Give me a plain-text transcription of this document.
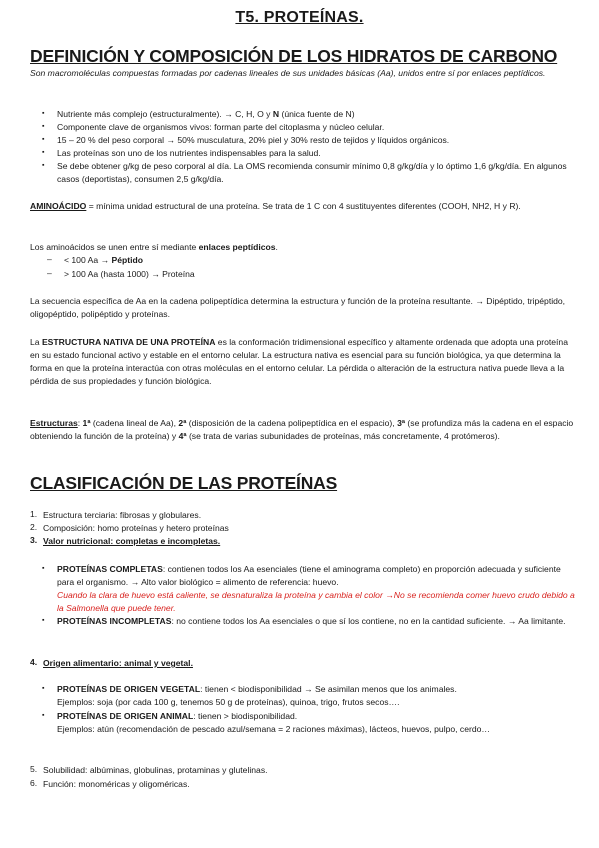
T5. PROTEÍNAS.
DEFINICIÓN Y COMPOSICIÓN DE LOS HIDRATOS DE CARBONO
Son macromoléculas compuestas formadas por cadenas lineales de sus unidades básicas (Aa), unidos entre sí por enlaces peptídicos.
▪ Nutriente más complejo (estructuralmente). → C, H, O y N (única fuente de N)
▪ Componente clave de organismos vivos: forman parte del citoplasma y núcleo celular.
▪ 15 – 20 % del peso corporal → 50% musculatura, 20% piel y 30% resto de tejidos y líquidos orgánicos.
▪ Las proteínas son uno de los nutrientes indispensables para la salud.
▪ Se debe obtener g/kg de peso corporal al día. La OMS recomienda consumir mínimo 0,8 g/kg/día y lo óptimo 1,6 g/kg/día. En algunos casos (deportistas), consumen 2,5 g/kg/día.
AMINOÁCIDO = mínima unidad estructural de una proteína. Se trata de 1 C con 4 sustituyentes diferentes (COOH, NH2, H y R).
Los aminoácidos se unen entre sí mediante enlaces peptídicos.
– < 100 Aa → Péptido
– > 100 Aa (hasta 1000) → Proteína
La secuencia específica de Aa en la cadena polipeptídica determina la estructura y función de la proteína resultante. → Dipéptido, tripéptido, oligopéptido, polipéptido y proteínas.
La ESTRUCTURA NATIVA DE UNA PROTEÍNA es la conformación tridimensional específico y altamente ordenada que adopta una proteína en su estado funcional activo y estable en el entorno celular. La estructura nativa es esencial para su función biológica, ya que determina la forma en que la proteína interactúa con otras moléculas en el entorno celular. La pérdida o alteración de la estructura nativa puede lleva a la pérdida de sus propiedades y función biológica.
Estructuras: 1ª (cadena lineal de Aa), 2ª (disposición de la cadena polipeptídica en el espacio), 3ª (se profundiza más la cadena en el espacio obteniendo la función de la proteína) y 4ª (se trata de varias subunidades de proteínas, más concretamente, 4 protómeros).
CLASIFICACIÓN DE LAS PROTEÍNAS
1. Estructura terciaria: fibrosas y globulares.
2. Composición: homo proteínas y hetero proteínas
3. Valor nutricional: completas e incompletas.
▪ PROTEÍNAS COMPLETAS: contienen todos los Aa esenciales (tiene el aminograma completo) en proporción adecuada y suficiente para el organismo. → Alto valor biológico = alimento de referencia: huevo.
Cuando la clara de huevo está caliente, se desnaturaliza la proteína y cambia el color →No se recomienda comer huevo crudo debido a la Salmonella que puede tener.
▪ PROTEÍNAS INCOMPLETAS: no contiene todos los Aa esenciales o que sí los contiene, no en la cantidad suficiente. → Aa limitante.
4. Origen alimentario: animal y vegetal.
▪ PROTEÍNAS DE ORIGEN VEGETAL: tienen < biodisponibilidad → Se asimilan menos que los animales.
Ejemplos: soja (por cada 100 g, tenemos 50 g de proteínas), quinoa, trigo, frutos secos….
▪ PROTEÍNAS DE ORIGEN ANIMAL: tienen > biodisponibilidad.
Ejemplos: atún (recomendación de pescado azul/semana = 2 raciones máximas), lácteos, huevos, pulpo, cerdo…
5. Solubilidad: albúminas, globulinas, protaminas y glutelinas.
6. Función: monoméricas y oligoméricas.
